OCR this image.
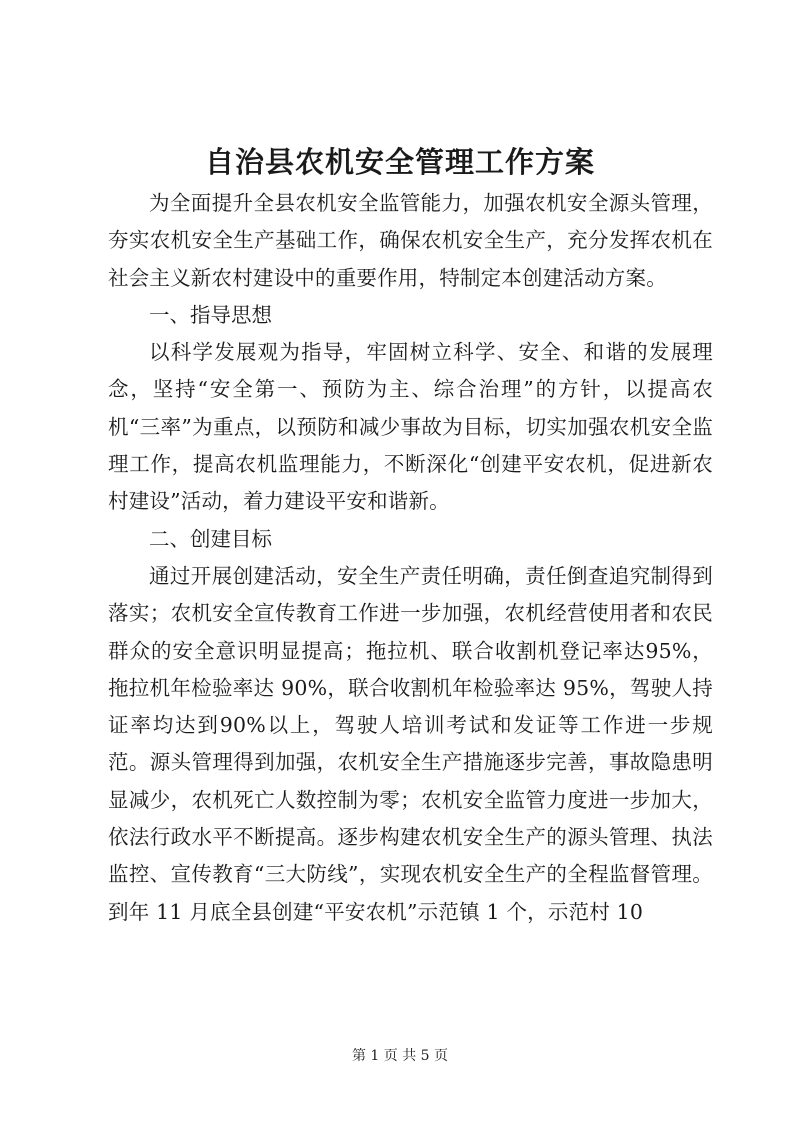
自治县农机安全管理工作方案

为全面提升全县农机安全监管能力，加强农机安全源头管理，夯实农机安全生产基础工作，确保农机安全生产，充分发挥农机在社会主义新农村建设中的重要作用，特制定本创建活动方案。

一、指导思想

以科学发展观为指导，牢固树立科学、安全、和谐的发展理念，坚持“安全第一、预防为主、综合治理”的方针，以提高农机“三率”为重点，以预防和减少事故为目标，切实加强农机安全监理工作，提高农机监理能力，不断深化“创建平安农机，促进新农村建设”活动，着力建设平安和谐新。

二、创建目标

通过开展创建活动，安全生产责任明确，责任倒查追究制得到落实；农机安全宣传教育工作进一步加强，农机经营使用者和农民群众的安全意识明显提高；拖拉机、联合收割机登记率达95%，拖拉机年检验率达 90%，联合收割机年检验率达 95%，驾驶人持证率均达到90%以上，驾驶人培训考试和发证等工作进一步规范。源头管理得到加强，农机安全生产措施逐步完善，事故隐患明显减少，农机死亡人数控制为零；农机安全监管力度进一步加大，依法行政水平不断提高。逐步构建农机安全生产的源头管理、执法监控、宣传教育“三大防线”，实现农机安全生产的全程监督管理。到年 11 月底全县创建“平安农机”示范镇 1 个，示范村 10

第 1 页 共 5 页
